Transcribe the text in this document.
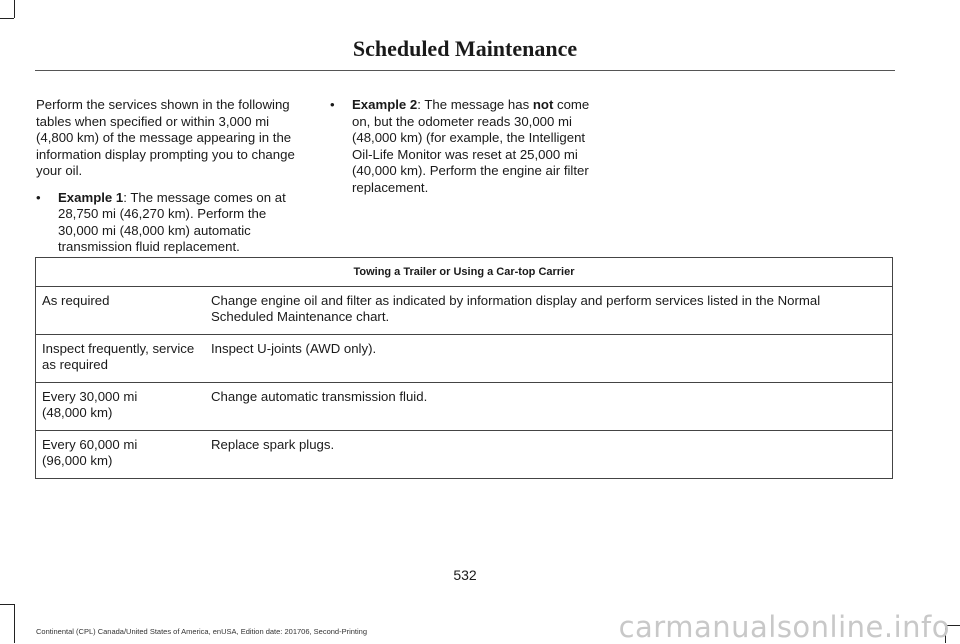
Scheduled Maintenance

Perform the services shown in the following tables when specified or within 3,000 mi (4,800 km) of the message appearing in the information display prompting you to change your oil.

• Example 1: The message comes on at 28,750 mi (46,270 km). Perform the 30,000 mi (48,000 km) automatic transmission fluid replacement.
• Example 2: The message has not come on, but the odometer reads 30,000 mi (48,000 km) (for example, the Intelligent Oil-Life Monitor was reset at 25,000 mi (40,000 km). Perform the engine air filter replacement.
Towing a Trailer or Using a Car-top Carrier	
As required	Change engine oil and filter as indicated by information display and perform services listed in the Normal Scheduled Maintenance chart.
Inspect frequently, service as required	Inspect U-joints (AWD only).
Every 30,000 mi
(48,000 km)	Change automatic transmission fluid.
Every 60,000 mi
(96,000 km)	Replace spark plugs.
532
Continental (CPL) Canada/United States of America, enUSA, Edition date: 201706, Second-Printing	carmanualsonline.info
